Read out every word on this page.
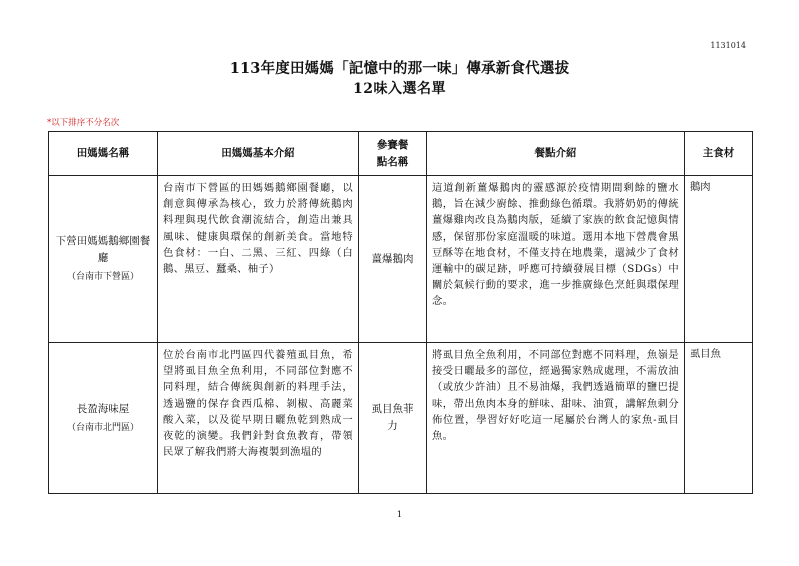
1131014
113年度田媽媽「記憶中的那一味」傳承新食代選拔
12味入選名單
*以下排序不分名次
田媽媽名稱	田媽媽基本介紹	參賽餐點名稱	餐點介紹	主食材

下營田媽媽鵝鄉園餐廳
（台南市下營區）	台南市下營區的田媽媽鵝鄉園餐廳，以創意與傳承為核心，致力於將傳統鵝肉料理與現代飲食潮流結合，創造出兼具風味、健康與環保的創新美食。當地特色食材：一白、二黑、三紅、四綠（白鵝、黑豆、蠶桑、柚子）	薑爆鵝肉	這道創新薑爆鵝肉的靈感源於疫情期間剩餘的鹽水鵝，旨在減少廚餘、推動綠色循環。我將奶奶的傳統薑爆雞肉改良為鵝肉版，延續了家族的飲食記憶與情感，保留那份家庭溫暖的味道。選用本地下營農會黑豆酥等在地食材，不僅支持在地農業，還減少了食材運輸中的碳足跡，呼應可持續發展目標（SDGs）中關於氣候行動的要求，進一步推廣綠色烹飪與環保理念。	鵝肉

長盈海味屋
（台南市北門區）	位於台南市北門區四代養殖虱目魚，希望將虱目魚全魚利用，不同部位對應不同料理，結合傳統與創新的料理手法，透過鹽的保存食西瓜棉、剝椒、高麗菜酸入菜，以及從早期日曬魚乾到熟成一夜乾的演變。我們針對食魚教育，帶領民眾了解我們將大海複製到漁塭的	虱目魚菲力	將虱目魚全魚利用，不同部位對應不同料理，魚嶺是接受日曬最多的部位，經過獨家熟成處理，不需放油（或放少許油）且不易油爆，我們透過簡單的鹽巴提味，帶出魚肉本身的鮮味、甜味、油質，講解魚刺分佈位置，學習好好吃這一尾屬於台灣人的家魚-虱目魚。	虱目魚
1
